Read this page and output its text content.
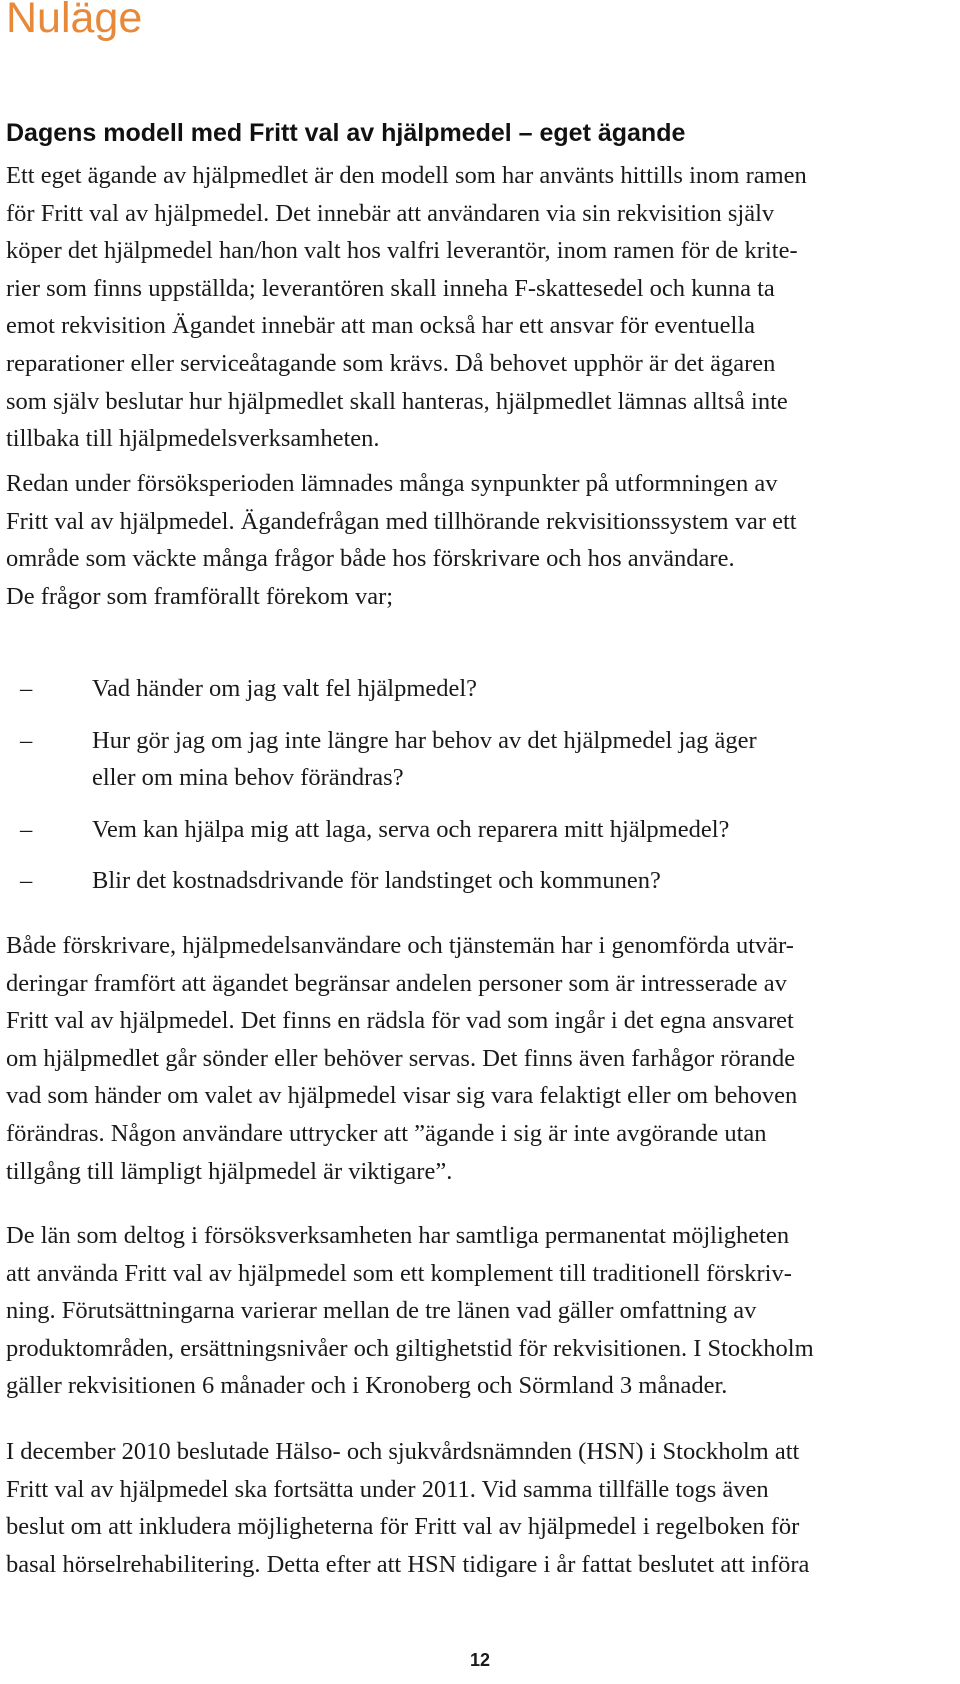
Nuläge
Dagens modell med Fritt val av hjälpmedel – eget ägande

Ett eget ägande av hjälpmedlet är den modell som har använts hittills inom ramen
för Fritt val av hjälpmedel. Det innebär att användaren via sin rekvisition själv
köper det hjälpmedel han/hon valt hos valfri leverantör, inom ramen för de krite-
rier som finns uppställda; leverantören skall inneha F-skattesedel och kunna ta
emot rekvisition Ägandet innebär att man också har ett ansvar för eventuella
reparationer eller serviceåtagande som krävs. Då behovet upphör är det ägaren
som själv beslutar hur hjälpmedlet skall hanteras, hjälpmedlet lämnas alltså inte
tillbaka till hjälpmedelsverksamheten.

Redan under försöksperioden lämnades många synpunkter på utformningen av
Fritt val av hjälpmedel. Ägandefrågan med tillhörande rekvisitionssystem var ett
område som väckte många frågor både hos förskrivare och hos användare.
De frågor som framförallt förekom var;

– Vad händer om jag valt fel hjälpmedel?
– Hur gör jag om jag inte längre har behov av det hjälpmedel jag äger
eller om mina behov förändras?
– Vem kan hjälpa mig att laga, serva och reparera mitt hjälpmedel?
– Blir det kostnadsdrivande för landstinget och kommunen?

Både förskrivare, hjälpmedelsanvändare och tjänstemän har i genomförda utvär-
deringar framfört att ägandet begränsar andelen personer som är intresserade av
Fritt val av hjälpmedel. Det finns en rädsla för vad som ingår i det egna ansvaret
om hjälpmedlet går sönder eller behöver servas. Det finns även farhågor rörande
vad som händer om valet av hjälpmedel visar sig vara felaktigt eller om behoven
förändras. Någon användare uttrycker att ”ägande i sig är inte avgörande utan
tillgång till lämpligt hjälpmedel är viktigare”.

De län som deltog i försöksverksamheten har samtliga permanentat möjligheten
att använda Fritt val av hjälpmedel som ett komplement till traditionell förskriv-
ning. Förutsättningarna varierar mellan de tre länen vad gäller omfattning av
produktområden, ersättningsnivåer och giltighetstid för rekvisitionen. I Stockholm
gäller rekvisitionen 6 månader och i Kronoberg och Sörmland 3 månader.

I december 2010 beslutade Hälso- och sjukvårdsnämnden (HSN) i Stockholm att
Fritt val av hjälpmedel ska fortsätta under 2011. Vid samma tillfälle togs även
beslut om att inkludera möjligheterna för Fritt val av hjälpmedel i regelboken för
basal hörselrehabilitering. Detta efter att HSN tidigare i år fattat beslutet att införa

12
